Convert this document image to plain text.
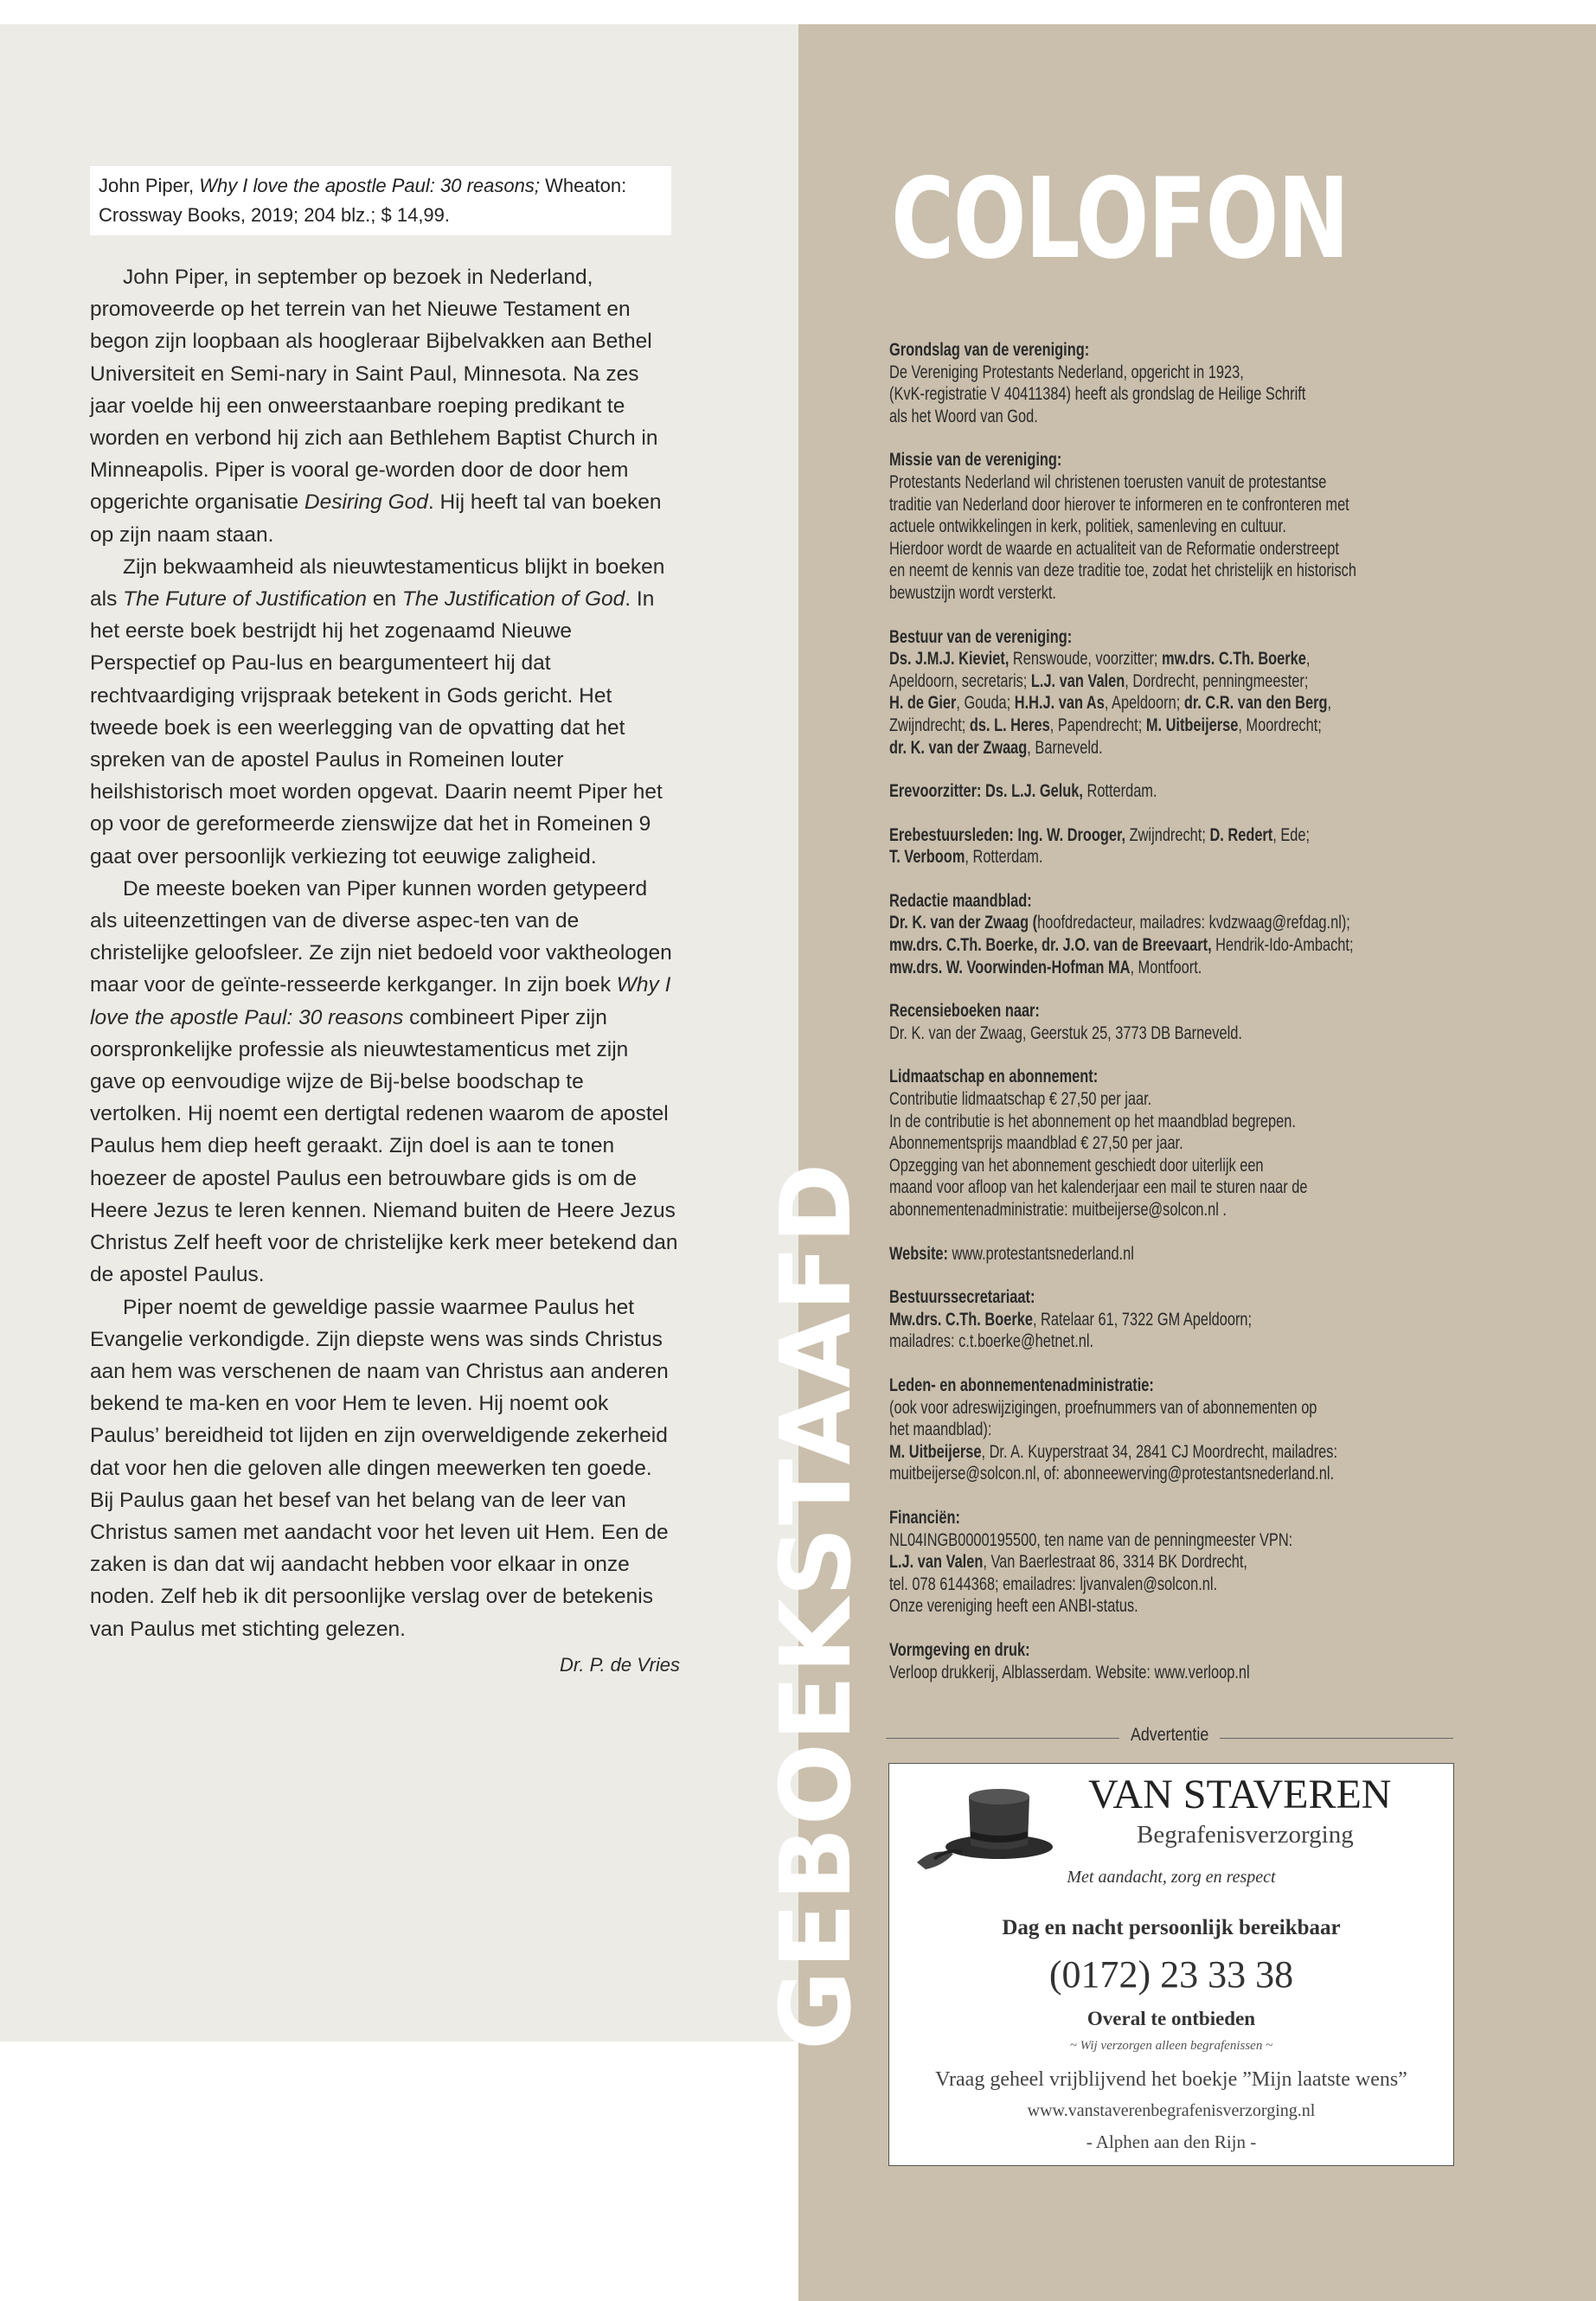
John Piper, Why I love the apostle Paul: 30 reasons; Wheaton:
Crossway Books, 2019; 204 blz.; $ 14,99.

John Piper, in september op bezoek in Nederland, promoveerde op het terrein van het Nieuwe Testament en begon zijn loopbaan als hoogleraar Bijbelvakken aan Bethel Universiteit en Semi-nary in Saint Paul, Minnesota. Na zes jaar voelde hij een onweerstaanbare roeping predikant te worden en verbond hij zich aan Bethlehem Baptist Church in Minneapolis. Piper is vooral ge-worden door de door hem opgerichte organisatie Desiring God. Hij heeft tal van boeken op zijn naam staan.

Zijn bekwaamheid als nieuwtestamenticus blijkt in boeken als The Future of Justification en The Justification of God. In het eerste boek bestrijdt hij het zogenaamd Nieuwe Perspectief op Pau-lus en beargumenteert hij dat rechtvaardiging vrijspraak betekent in Gods gericht. Het tweede boek is een weerlegging van de opvatting dat het spreken van de apostel Paulus in Romeinen louter heilshistorisch moet worden opgevat. Daarin neemt Piper het op voor de gereformeerde zienswijze dat het in Romeinen 9 gaat over persoonlijk verkiezing tot eeuwige zaligheid.

De meeste boeken van Piper kunnen worden getypeerd als uiteenzettingen van de diverse aspec-ten van de christelijke geloofsleer. Ze zijn niet bedoeld voor vaktheologen maar voor de geïnte-resseerde kerkganger. In zijn boek Why I love the apostle Paul: 30 reasons combineert Piper zijn oorspronkelijke professie als nieuwtestamenticus met zijn gave op eenvoudige wijze de Bij-belse boodschap te vertolken. Hij noemt een dertigtal redenen waarom de apostel Paulus hem diep heeft geraakt. Zijn doel is aan te tonen hoezeer de apostel Paulus een betrouwbare gids is om de Heere Jezus te leren kennen. Niemand buiten de Heere Jezus Christus Zelf heeft voor de christelijke kerk meer betekend dan de apostel Paulus.

Piper noemt de geweldige passie waarmee Paulus het Evangelie verkondigde. Zijn diepste wens was sinds Christus aan hem was verschenen de naam van Christus aan anderen bekend te ma-ken en voor Hem te leven. Hij noemt ook Paulus’ bereidheid tot lijden en zijn overweldigende zekerheid dat voor hen die geloven alle dingen meewerken ten goede. Bij Paulus gaan het besef van het belang van de leer van Christus samen met aandacht voor het leven uit Hem. Een de zaken is dan dat wij aandacht hebben voor elkaar in onze noden. Zelf heb ik dit persoonlijke verslag over de betekenis van Paulus met stichting gelezen.

Dr. P. de Vries GEBOEKSTAAFD
COLOFON
Grondslag van de vereniging:
De Vereniging Protestants Nederland, opgericht in 1923,
(KvK-registratie V 40411384) heeft als grondslag de Heilige Schrift
als het Woord van God.
Missie van de vereniging:
Protestants Nederland wil christenen toerusten vanuit de protestantse
traditie van Nederland door hierover te informeren en te confronteren met
actuele ontwikkelingen in kerk, politiek, samenleving en cultuur.
Hierdoor wordt de waarde en actualiteit van de Reformatie onderstreept
en neemt de kennis van deze traditie toe, zodat het christelijk en historisch
bewustzijn wordt versterkt.
Bestuur van de vereniging:
Ds. J.M.J. Kieviet, Renswoude, voorzitter; mw.drs. C.Th. Boerke,
Apeldoorn, secretaris; L.J. van Valen, Dordrecht, penningmeester;
H. de Gier, Gouda; H.H.J. van As, Apeldoorn; dr. C.R. van den Berg,
Zwijndrecht; ds. L. Heres, Papendrecht; M. Uitbeijerse, Moordrecht;
dr. K. van der Zwaag, Barneveld.
Erevoorzitter: Ds. L.J. Geluk, Rotterdam.
Erebestuursleden: Ing. W. Drooger, Zwijndrecht; D. Redert, Ede;
T. Verboom, Rotterdam.
Redactie maandblad:
Dr. K. van der Zwaag (hoofdredacteur, mailadres: kvdzwaag@refdag.nl);
mw.drs. C.Th. Boerke, dr. J.O. van de Breevaart, Hendrik-Ido-Ambacht;
mw.drs. W. Voorwinden-Hofman MA, Montfoort.
Recensieboeken naar:
Dr. K. van der Zwaag, Geerstuk 25, 3773 DB Barneveld.
Lidmaatschap en abonnement:
Contributie lidmaatschap € 27,50 per jaar.
In de contributie is het abonnement op het maandblad begrepen.
Abonnementsprijs maandblad € 27,50 per jaar.
Opzegging van het abonnement geschiedt door uiterlijk een
maand voor afloop van het kalenderjaar een mail te sturen naar de
abonnementenadministratie: muitbeijerse@solcon.nl .
Website: www.protestantsnederland.nl
Bestuurssecretariaat:
Mw.drs. C.Th. Boerke, Ratelaar 61, 7322 GM Apeldoorn;
mailadres: c.t.boerke@hetnet.nl.
Leden- en abonnementenadministratie:
(ook voor adreswijzigingen, proefnummers van of abonnementen op
het maandblad):
M. Uitbeijerse, Dr. A. Kuyperstraat 34, 2841 CJ Moordrecht, mailadres:
muitbeijerse@solcon.nl, of: abonneewerving@protestantsnederland.nl.
Financiën:
NL04INGB0000195500, ten name van de penningmeester VPN:
L.J. van Valen, Van Baerlestraat 86, 3314 BK Dordrecht,
tel. 078 6144368; emailadres: ljvanvalen@solcon.nl.
Onze vereniging heeft een ANBI-status.
Vormgeving en druk:
Verloop drukkerij, Alblasserdam. Website: www.verloop.nl
Advertentie
VAN STAVEREN
Begrafenisverzorging
Met aandacht, zorg en respect
Dag en nacht persoonlijk bereikbaar
(0172) 23 33 38
Overal te ontbieden
~ Wij verzorgen alleen begrafenissen ~
Vraag geheel vrijblijvend het boekje ”Mijn laatste wens”
www.vanstaverenbegrafenisverzorging.nl
- Alphen aan den Rijn -
